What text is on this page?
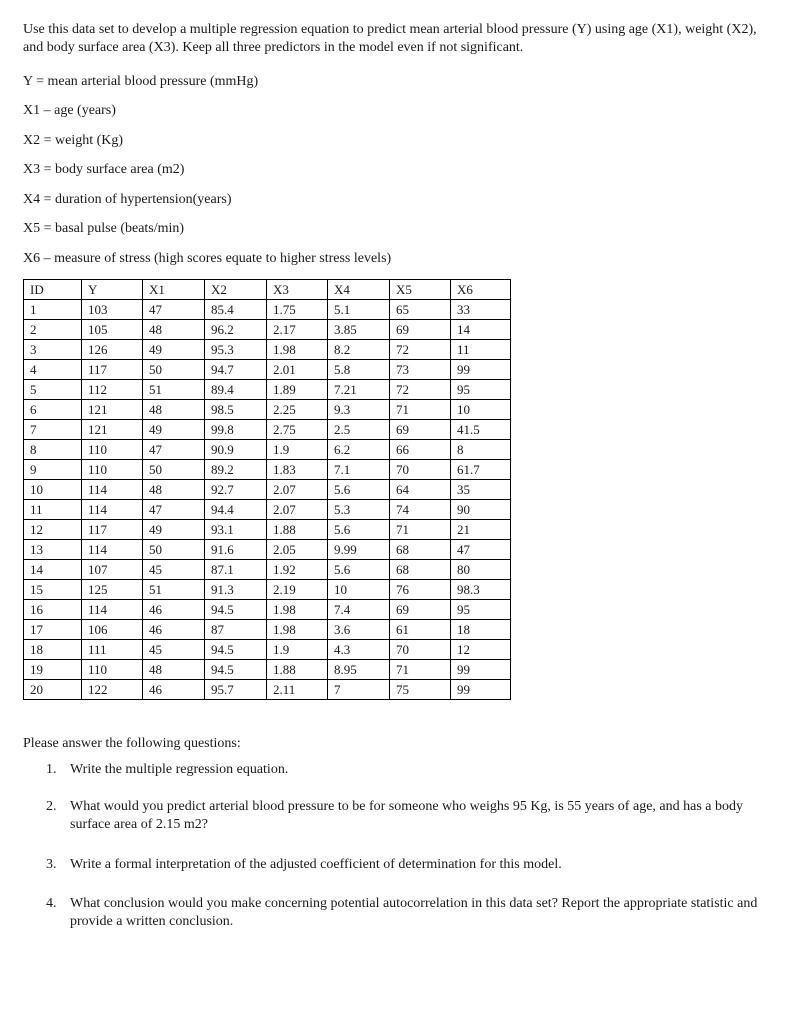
Use this data set to develop a multiple regression equation to predict mean arterial blood pressure (Y) using age (X1), weight (X2), and body surface area (X3). Keep all three predictors in the model even if not significant.

Y = mean arterial blood pressure (mmHg)

X1 – age (years)

X2 = weight (Kg)

X3 = body surface area (m2)

X4 = duration of hypertension(years)

X5 = basal pulse (beats/min)

X6 – measure of stress (high scores equate to higher stress levels)

ID	Y	X1	X2	X3	X4	X5	X6
1	103	47	85.4	1.75	5.1	65	33
2	105	48	96.2	2.17	3.85	69	14
3	126	49	95.3	1.98	8.2	72	11
4	117	50	94.7	2.01	5.8	73	99
5	112	51	89.4	1.89	7.21	72	95
6	121	48	98.5	2.25	9.3	71	10
7	121	49	99.8	2.75	2.5	69	41.5
8	110	47	90.9	1.9	6.2	66	8
9	110	50	89.2	1.83	7.1	70	61.7
10	114	48	92.7	2.07	5.6	64	35
11	114	47	94.4	2.07	5.3	74	90
12	117	49	93.1	1.88	5.6	71	21
13	114	50	91.6	2.05	9.99	68	47
14	107	45	87.1	1.92	5.6	68	80
15	125	51	91.3	2.19	10	76	98.3
16	114	46	94.5	1.98	7.4	69	95
17	106	46	87	1.98	3.6	61	18
18	111	45	94.5	1.9	4.3	70	12
19	110	48	94.5	1.88	8.95	71	99
20	122	46	95.7	2.11	7	75	99

Please answer the following questions:

1. Write the multiple regression equation.
2. What would you predict arterial blood pressure to be for someone who weighs 95 Kg, is 55 years of age, and has a body surface area of 2.15 m2?
3. Write a formal interpretation of the adjusted coefficient of determination for this model.
4. What conclusion would you make concerning potential autocorrelation in this data set? Report the appropriate statistic and provide a written conclusion.
